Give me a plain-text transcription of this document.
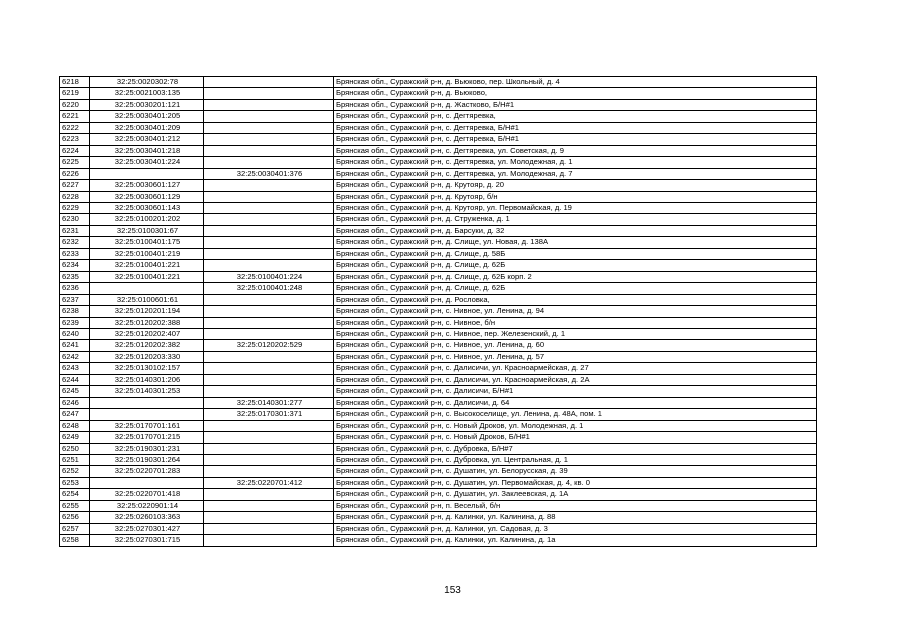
6218	32:25:0020302:78		Брянская обл., Суражский р-н, д. Вьюково, пер. Школьный, д. 4
6219	32:25:0021003:135		Брянская обл., Суражский р-н, д. Вьюково,
6220	32:25:0030201:121		Брянская обл., Суражский р-н, д. Жастково, Б/Н#1
6221	32:25:0030401:205		Брянская обл., Суражский р-н, с. Дегтяревка,
6222	32:25:0030401:209		Брянская обл., Суражский р-н, с. Дегтяревка, Б/Н#1
6223	32:25:0030401:212		Брянская обл., Суражский р-н, с. Дегтяревка, Б/Н#1
6224	32:25:0030401:218		Брянская обл., Суражский р-н, с. Дегтяревка, ул. Советская, д. 9
6225	32:25:0030401:224		Брянская обл., Суражский р-н, с. Дегтяревка, ул. Молодежная, д. 1
6226		32:25:0030401:376	Брянская обл., Суражский р-н, с. Дегтяревка, ул. Молодежная, д. 7
6227	32:25:0030601:127		Брянская обл., Суражский р-н, д. Крутояр, д. 20
6228	32:25:0030601:129		Брянская обл., Суражский р-н, д. Крутояр, б/н
6229	32:25:0030601:143		Брянская обл., Суражский р-н, д. Крутояр, ул. Первомайская, д. 19
6230	32:25:0100201:202		Брянская обл., Суражский р-н, д. Струженка, д. 1
6231	32:25:0100301:67		Брянская обл., Суражский р-н, д. Барсуки, д. 32
6232	32:25:0100401:175		Брянская обл., Суражский р-н, д. Слище, ул. Новая, д. 138А
6233	32:25:0100401:219		Брянская обл., Суражский р-н, д. Слище, д. 58Б
6234	32:25:0100401:221		Брянская обл., Суражский р-н, д. Слище, д. 62Б
6235	32:25:0100401:221	32:25:0100401:224	Брянская обл., Суражский р-н, д. Слище, д. 62Б корп. 2
6236		32:25:0100401:248	Брянская обл., Суражский р-н, д. Слище, д. 62Б
6237	32:25:0100601:61		Брянская обл., Суражский р-н, д. Рословка,
6238	32:25:0120201:194		Брянская обл., Суражский р-н, с. Нивное, ул. Ленина, д. 94
6239	32:25:0120202:388		Брянская обл., Суражский р-н, с. Нивное, б/н
6240	32:25:0120202:407		Брянская обл., Суражский р-н, с. Нивное, пер. Железенский, д. 1
6241	32:25:0120202:382	32:25:0120202:529	Брянская обл., Суражский р-н, с. Нивное, ул. Ленина, д. 60
6242	32:25:0120203:330		Брянская обл., Суражский р-н, с. Нивное, ул. Ленина, д. 57
6243	32:25:0130102:157		Брянская обл., Суражский р-н, с. Далисичи, ул. Красноармейская, д. 27
6244	32:25:0140301:206		Брянская обл., Суражский р-н, с. Далисичи, ул. Красноармейская, д. 2А
6245	32:25:0140301:253		Брянская обл., Суражский р-н, с. Далисичи, Б/Н#1
6246		32:25:0140301:277	Брянская обл., Суражский р-н, с. Далисичи, д. 64
6247		32:25:0170301:371	Брянская обл., Суражский р-н, с. Высокоселище, ул. Ленина, д. 48А, пом. 1
6248	32:25:0170701:161		Брянская обл., Суражский р-н, с. Новый Дроков, ул. Молодежная, д. 1
6249	32:25:0170701:215		Брянская обл., Суражский р-н, с. Новый Дроков, Б/Н#1
6250	32:25:0190301:231		Брянская обл., Суражский р-н, с. Дубровка, Б/Н#7
6251	32:25:0190301:264		Брянская обл., Суражский р-н, с. Дубровка, ул. Центральная, д. 1
6252	32:25:0220701:283		Брянская обл., Суражский р-н, с. Душатин, ул. Белорусская, д. 39
6253		32:25:0220701:412	Брянская обл., Суражский р-н, с. Душатин, ул. Первомайская, д. 4, кв. 0
6254	32:25:0220701:418		Брянская обл., Суражский р-н, с. Душатин, ул. Заклеевская, д. 1А
6255	32:25:0220901:14		Брянская обл., Суражский р-н, п. Веселый, б/н
6256	32:25:0260103:363		Брянская обл., Суражский р-н, д. Калинки, ул. Калинина, д. 88
6257	32:25:0270301:427		Брянская обл., Суражский р-н, д. Калинки, ул. Садовая, д. 3
6258	32:25:0270301:715		Брянская обл., Суражский р-н, д. Калинки, ул. Калинина, д. 1а
153
